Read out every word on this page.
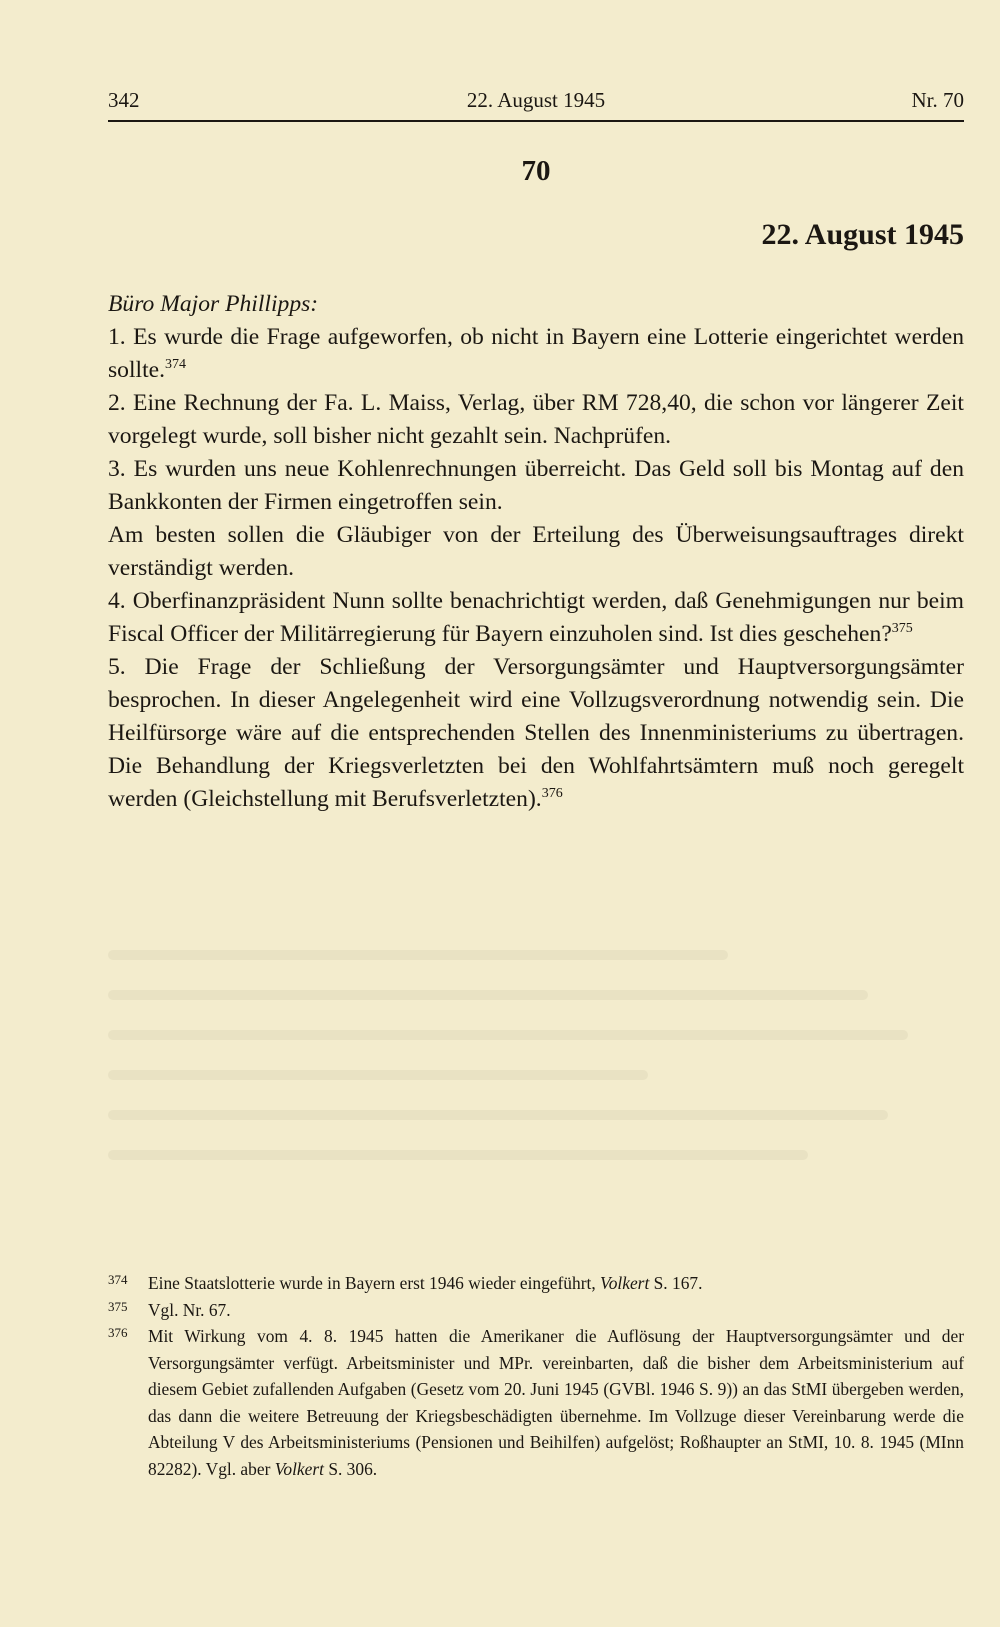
342	22. August 1945	Nr. 70
70
22. August 1945

Büro Major Phillipps:

1. Es wurde die Frage aufgeworfen, ob nicht in Bayern eine Lotterie eingerichtet werden sollte.$^{374}$

2. Eine Rechnung der Fa. L. Maiss, Verlag, über RM 728,40, die schon vor längerer Zeit vorgelegt wurde, soll bisher nicht gezahlt sein. Nachprüfen.

3. Es wurden uns neue Kohlenrechnungen überreicht. Das Geld soll bis Montag auf den Bankkonten der Firmen eingetroffen sein.

Am besten sollen die Gläubiger von der Erteilung des Überweisungsauftrages direkt verständigt werden.

4. Oberfinanzpräsident Nunn sollte benachrichtigt werden, daß Genehmigungen nur beim Fiscal Officer der Militärregierung für Bayern einzuholen sind. Ist dies geschehen?$^{375}$

5. Die Frage der Schließung der Versorgungsämter und Hauptversorgungsämter besprochen. In dieser Angelegenheit wird eine Vollzugsverordnung notwendig sein. Die Heilfürsorge wäre auf die entsprechenden Stellen des Innenministeriums zu übertragen. Die Behandlung der Kriegsverletzten bei den Wohlfahrtsämtern muß noch geregelt werden (Gleichstellung mit Berufsverletzten).$^{376}$

374 Eine Staatslotterie wurde in Bayern erst 1946 wieder eingeführt, Volkert S. 167.

375 Vgl. Nr. 67.

376 Mit Wirkung vom 4. 8. 1945 hatten die Amerikaner die Auflösung der Hauptversorgungsämter und der Versorgungsämter verfügt. Arbeitsminister und MPr. vereinbarten, daß die bisher dem Arbeitsministerium auf diesem Gebiet zufallenden Aufgaben (Gesetz vom 20. Juni 1945 (GVBl. 1946 S. 9)) an das StMI übergeben werden, das dann die weitere Betreuung der Kriegsbeschädigten übernehme. Im Vollzuge dieser Vereinbarung werde die Abteilung V des Arbeitsministeriums (Pensionen und Beihilfen) aufgelöst; Roßhaupter an StMI, 10. 8. 1945 (MInn 82282). Vgl. aber Volkert S. 306.
